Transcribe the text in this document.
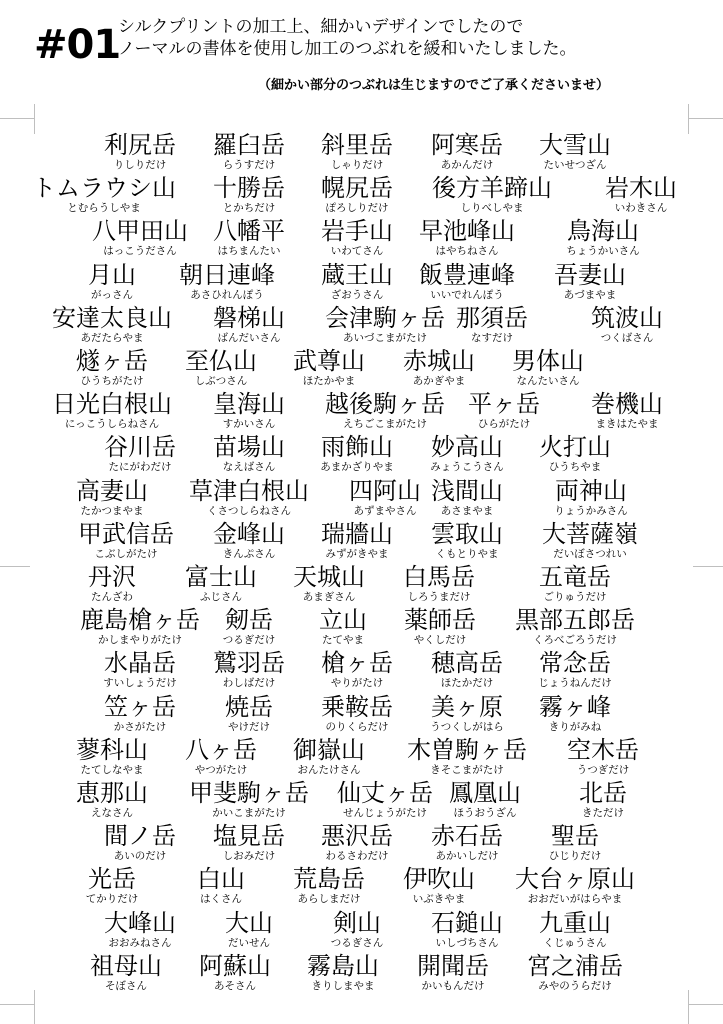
#01
シルクプリントの加工上、細かいデザインでしたので
ノーマルの書体を使用し加工のつぶれを緩和いたしました。
（細かい部分のつぶれは生じますのでご了承くださいませ）
利尻岳
りしりだけ
羅臼岳
らうすだけ
斜里岳
しゃりだけ
阿寒岳
あかんだけ
大雪山
たいせつざん
トムラウシ山
とむらうしやま
十勝岳
とかちだけ
幌尻岳
ぽろしりだけ
後方羊蹄山
しりべしやま
岩木山
いわきさん
八甲田山
はっこうださん
八幡平
はちまんたい
岩手山
いわてさん
早池峰山
はやちねさん
鳥海山
ちょうかいさん
月山
がっさん
朝日連峰
あさひれんぽう
蔵王山
ざおうさん
飯豊連峰
いいでれんぽう
吾妻山
あづまやま
安達太良山
あだたらやま
磐梯山
ばんだいさん
会津駒ヶ岳
あいづこまがたけ
那須岳
なすだけ
筑波山
つくばさん
燧ヶ岳
ひうちがたけ
至仏山
しぶつさん
武尊山
ほたかやま
赤城山
あかぎやま
男体山
なんたいさん
日光白根山
にっこうしらねさん
皇海山
すかいさん
越後駒ヶ岳
えちごこまがたけ
平ヶ岳
ひらがたけ
巻機山
まきはたやま
谷川岳
たにがわだけ
苗場山
なえばさん
雨飾山
あまかざりやま
妙高山
みょうこうさん
火打山
ひうちやま
高妻山
たかつまやま
草津白根山
くさつしらねさん
四阿山
あずまやさん
浅間山
あさまやま
両神山
りょうかみさん
甲武信岳
こぶしがたけ
金峰山
きんぷさん
瑞牆山
みずがきやま
雲取山
くもとりやま
大菩薩嶺
だいぼさつれい
丹沢
たんざわ
富士山
ふじさん
天城山
あまぎさん
白馬岳
しろうまだけ
五竜岳
ごりゅうだけ
鹿島槍ヶ岳
かしまやりがたけ
剱岳
つるぎだけ
立山
たてやま
薬師岳
やくしだけ
黒部五郎岳
くろべごろうだけ
水晶岳
すいしょうだけ
鷲羽岳
わしばだけ
槍ヶ岳
やりがたけ
穂高岳
ほたかだけ
常念岳
じょうねんだけ
笠ヶ岳
かさがたけ
焼岳
やけだけ
乗鞍岳
のりくらだけ
美ヶ原
うつくしがはら
霧ヶ峰
きりがみね
蓼科山
たてしなやま
八ヶ岳
やつがたけ
御嶽山
おんたけさん
木曽駒ヶ岳
きそこまがたけ
空木岳
うつぎだけ
恵那山
えなさん
甲斐駒ヶ岳
かいこまがたけ
仙丈ヶ岳
せんじょうがたけ
鳳凰山
ほうおうざん
北岳
きただけ
間ノ岳
あいのだけ
塩見岳
しおみだけ
悪沢岳
わるさわだけ
赤石岳
あかいしだけ
聖岳
ひじりだけ
光岳
てかりだけ
白山
はくさん
荒島岳
あらしまだけ
伊吹山
いぶきやま
大台ヶ原山
おおだいがはらやま
大峰山
おおみねさん
大山
だいせん
剣山
つるぎさん
石鎚山
いしづちさん
九重山
くじゅうさん
祖母山
そぼさん
阿蘇山
あそさん
霧島山
きりしまやま
開聞岳
かいもんだけ
宮之浦岳
みやのうらだけ
